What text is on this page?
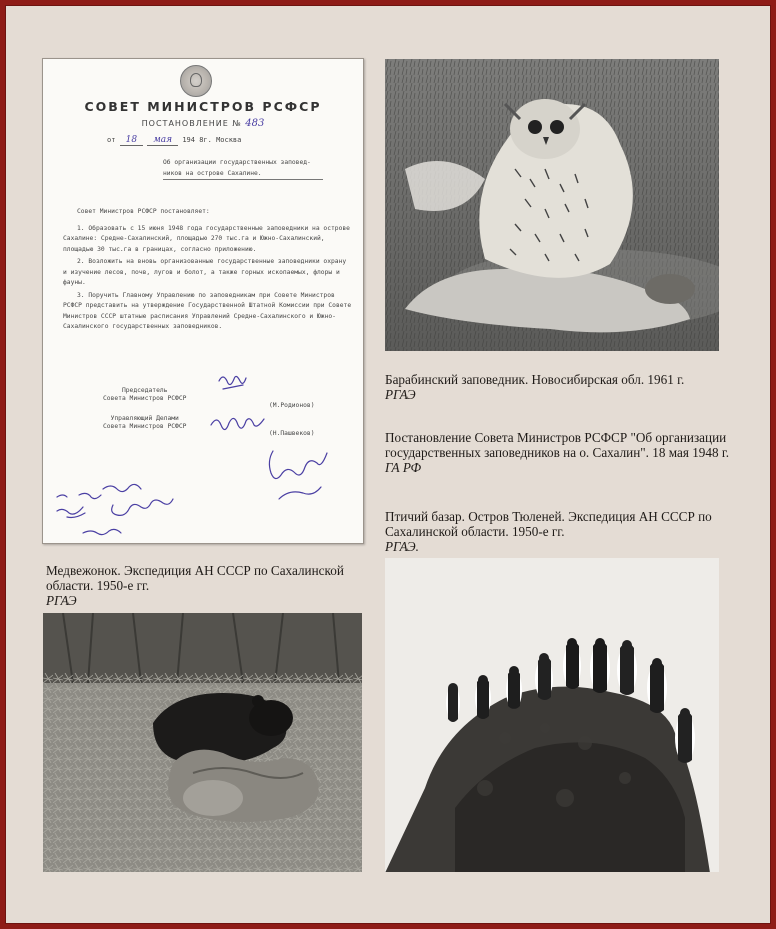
СОВЕТ МИНИСТРОВ РСФСР
ПОСТАНОВЛЕНИЕ № 483
от 18 мая 194 8г. Москва
Об организации государственных заповед-
ников на острове Сахалине.

Совет Министров РСФСР постановляет:

1. Образовать с 15 июня 1948 года государственные заповедники на острове Сахалине: Средне-Сахалинский, площадью 270 тыс.га и Южно-Сахалинский, площадью 30 тыс.га в границах, согласно приложению.

2. Возложить на вновь организованные государственные заповедники охрану и изучение лесов, почв, лугов и болот, а также горных ископаемых, флоры и фауны.

3. Поручить Главному Управлению по заповедникам при Совете Министров РСФСР представить на утверждение Государственной Штатной Комиссии при Совете Министров СССР штатные расписания Управлений Средне-Сахалинского и Южно-Сахалинского государственных заповедников.

Председатель
Совета Министров РСФСР
(М.Родионов)
Управляющий Делами
Совета Министров РСФСР
(Н.Пашвеков)
Барабинский заповедник. Новосибирская обл. 1961 г.
РГАЭ
Постановление Совета Министров РСФСР "Об организации государственных заповедников на о. Сахалин". 18 мая 1948 г.
ГА РФ
Птичий базар. Остров Тюленей. Экспедиция АН СССР по Сахалинской области. 1950-е гг.
РГАЭ.
Медвежонок. Экспедиция АН СССР по Сахалинской области. 1950-е гг.
РГАЭ
